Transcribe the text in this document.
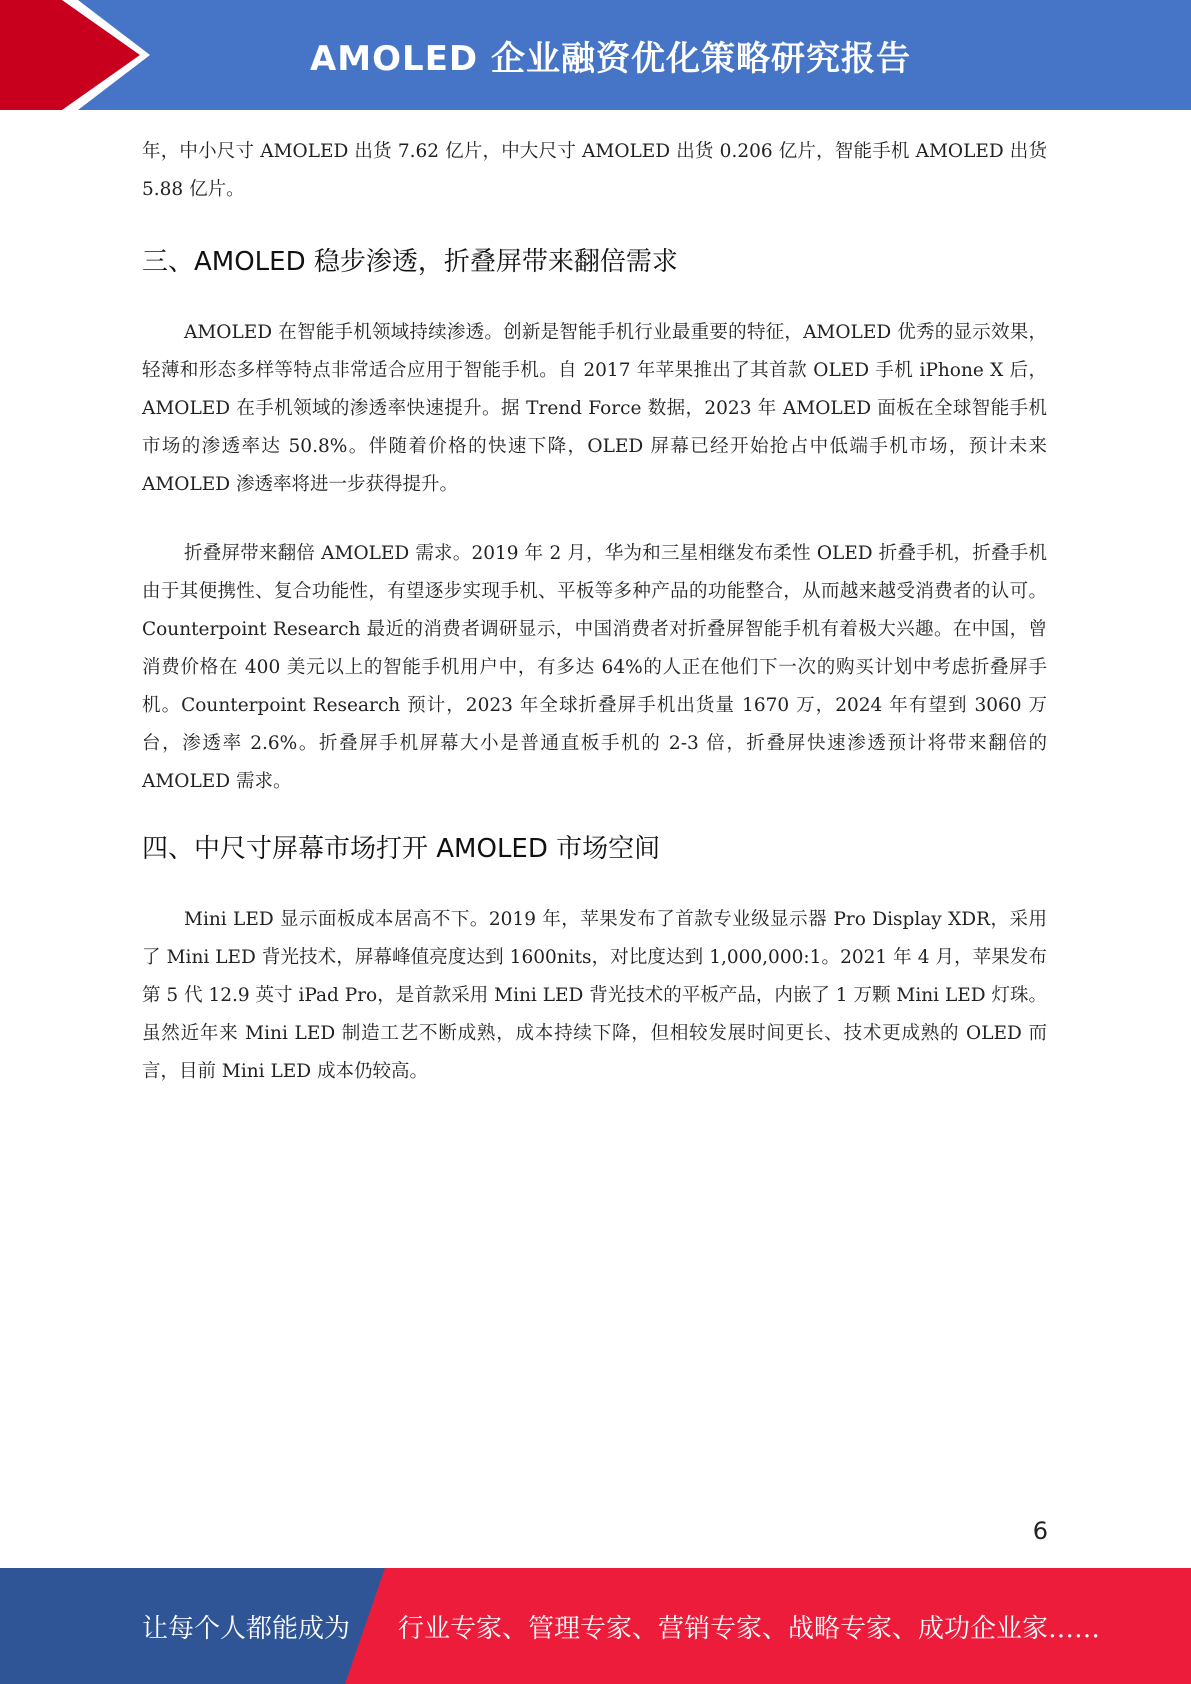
AMOLED 企业融资优化策略研究报告

年，中小尺寸 AMOLED 出货 7.62 亿片，中大尺寸 AMOLED 出货 0.206 亿片，智能手机 AMOLED 出货 5.88 亿片。

三、AMOLED 稳步渗透，折叠屏带来翻倍需求

AMOLED 在智能手机领域持续渗透。创新是智能手机行业最重要的特征，AMOLED 优秀的显示效果，轻薄和形态多样等特点非常适合应用于智能手机。自 2017 年苹果推出了其首款 OLED 手机 iPhone X 后，AMOLED 在手机领域的渗透率快速提升。据 Trend Force 数据，2023 年 AMOLED 面板在全球智能手机市场的渗透率达 50.8%。伴随着价格的快速下降，OLED 屏幕已经开始抢占中低端手机市场，预计未来 AMOLED 渗透率将进一步获得提升。

折叠屏带来翻倍 AMOLED 需求。2019 年 2 月，华为和三星相继发布柔性 OLED 折叠手机，折叠手机由于其便携性、复合功能性，有望逐步实现手机、平板等多种产品的功能整合，从而越来越受消费者的认可。Counterpoint Research 最近的消费者调研显示，中国消费者对折叠屏智能手机有着极大兴趣。在中国，曾消费价格在 400 美元以上的智能手机用户中，有多达 64%的人正在他们下一次的购买计划中考虑折叠屏手机。Counterpoint Research 预计，2023 年全球折叠屏手机出货量 1670 万，2024 年有望到 3060 万台，渗透率 2.6%。折叠屏手机屏幕大小是普通直板手机的 2-3 倍，折叠屏快速渗透预计将带来翻倍的 AMOLED 需求。

四、中尺寸屏幕市场打开 AMOLED 市场空间

Mini LED 显示面板成本居高不下。2019 年，苹果发布了首款专业级显示器 Pro Display XDR，采用了 Mini LED 背光技术，屏幕峰值亮度达到 1600nits，对比度达到 1,000,000:1。2021 年 4 月，苹果发布第 5 代 12.9 英寸 iPad Pro，是首款采用 Mini LED 背光技术的平板产品，内嵌了 1 万颗 Mini LED 灯珠。虽然近年来 Mini LED 制造工艺不断成熟，成本持续下降，但相较发展时间更长、技术更成熟的 OLED 而言，目前 Mini LED 成本仍较高。

6
让每个人都能成为 行业专家、管理专家、营销专家、战略专家、成功企业家……
